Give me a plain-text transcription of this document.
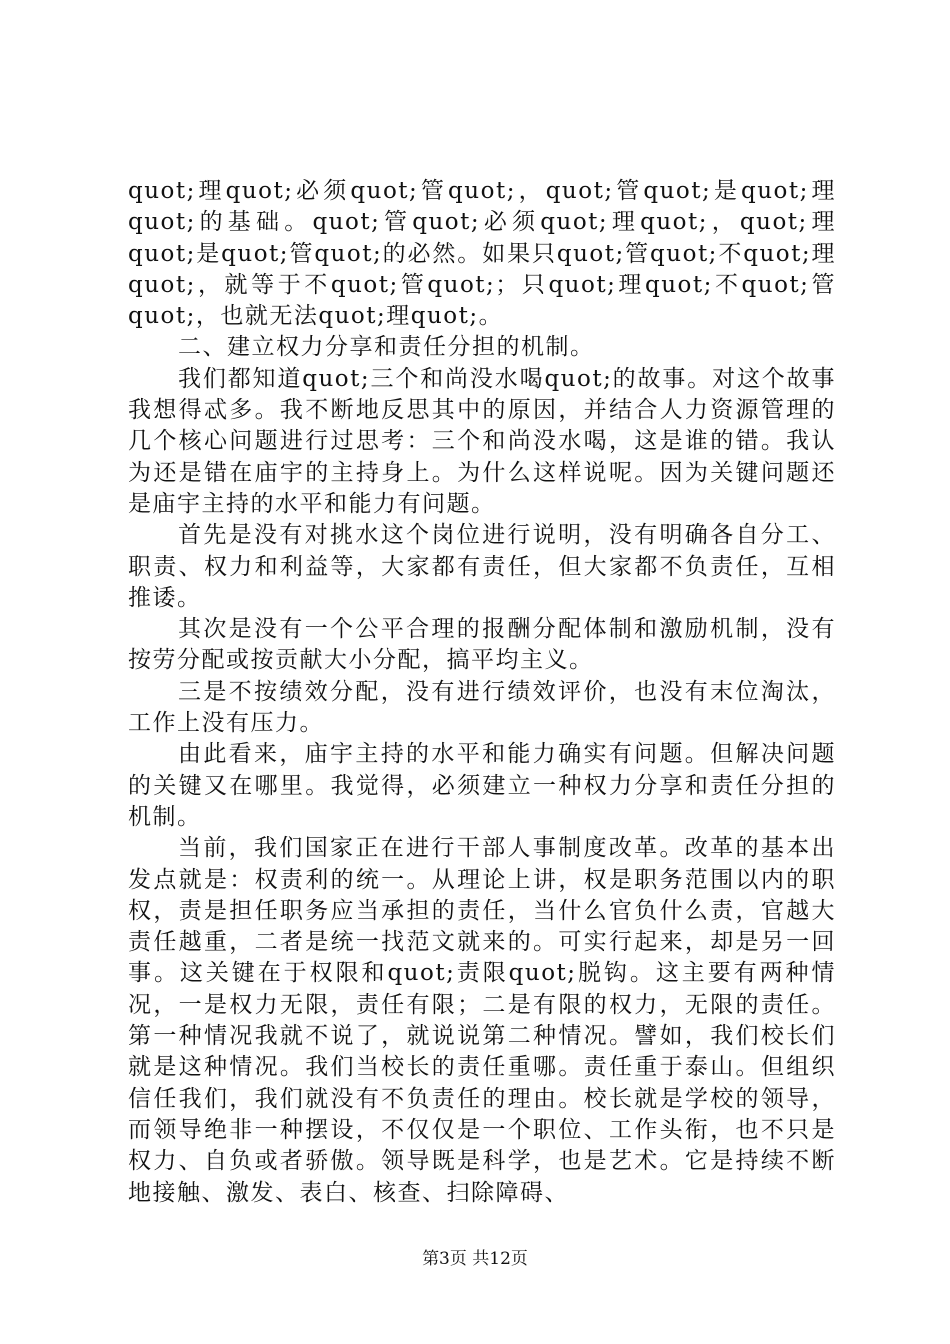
quot;理quot;必须quot;管quot;，quot;管quot;是quot;理quot;的基础。quot;管quot;必须quot;理quot;，quot;理quot;是quot;管quot;的必然。如果只quot;管quot;不quot;理quot;，就等于不quot;管quot;；只quot;理quot;不quot;管quot;，也就无法quot;理quot;。

二、建立权力分享和责任分担的机制。

我们都知道quot;三个和尚没水喝quot;的故事。对这个故事我想得忒多。我不断地反思其中的原因，并结合人力资源管理的几个核心问题进行过思考：三个和尚没水喝，这是谁的错。我认为还是错在庙宇的主持身上。为什么这样说呢。因为关键问题还是庙宇主持的水平和能力有问题。

首先是没有对挑水这个岗位进行说明，没有明确各自分工、职责、权力和利益等，大家都有责任，但大家都不负责任，互相推诿。

其次是没有一个公平合理的报酬分配体制和激励机制，没有按劳分配或按贡献大小分配，搞平均主义。

三是不按绩效分配，没有进行绩效评价，也没有末位淘汰，工作上没有压力。

由此看来，庙宇主持的水平和能力确实有问题。但解决问题的关键又在哪里。我觉得，必须建立一种权力分享和责任分担的机制。

当前，我们国家正在进行干部人事制度改革。改革的基本出发点就是：权责利的统一。从理论上讲，权是职务范围以内的职权，责是担任职务应当承担的责任，当什么官负什么责，官越大责任越重，二者是统一找范文就来的。可实行起来，却是另一回事。这关键在于权限和quot;责限quot;脱钩。这主要有两种情况，一是权力无限，责任有限；二是有限的权力，无限的责任。第一种情况我就不说了，就说说第二种情况。譬如，我们校长们就是这种情况。我们当校长的责任重哪。责任重于泰山。但组织信任我们，我们就没有不负责任的理由。校长就是学校的领导，而领导绝非一种摆设，不仅仅是一个职位、工作头衔，也不只是权力、自负或者骄傲。领导既是科学，也是艺术。它是持续不断地接触、激发、表白、核查、扫除障碍、

第3页 共12页
